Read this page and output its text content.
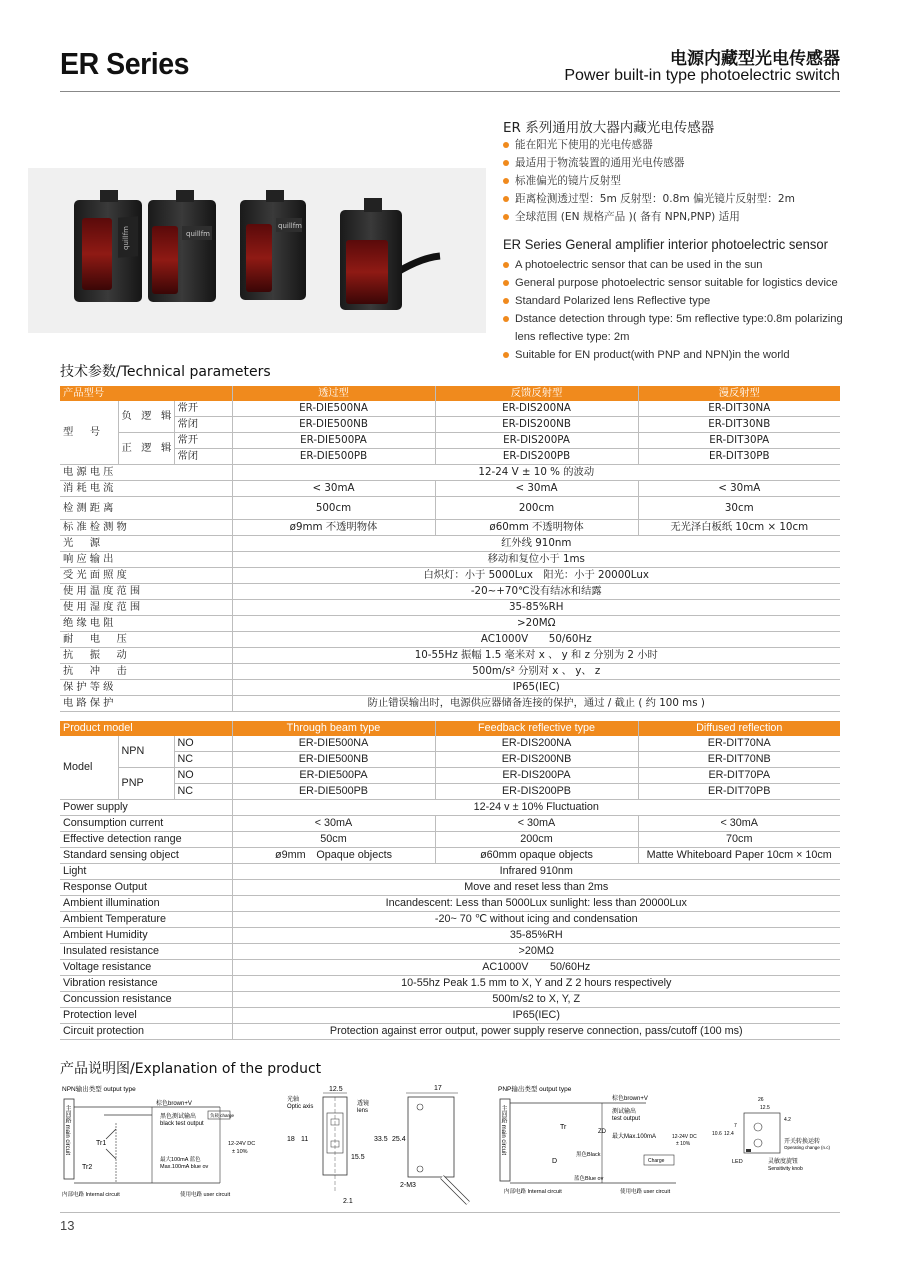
ER Series	电源内藏型光电传感器
Power built-in type photoelectric switch
quillfm	quillfm
quillfm
ER 系列通用放大器内藏光电传感器
能在阳光下使用的光电传感器
最适用于物流装置的通用光电传感器
标准偏光的镜片反射型
距离检测透过型：5m 反射型：0.8m 偏光镜片反射型：2m
全球范围 (EN 规格产品 )( 备有 NPN,PNP) 适用
ER Series General amplifier interior photoelectric sensor
A photoelectric sensor that can be used in the sun
General purpose photoelectric sensor suitable for logistics device
Standard Polarized lens Reflective type
Dstance detection through type: 5m reflective type:0.8m polarizing lens reflective type: 2m
Suitable for EN product(with PNP and NPN)in the world
技术参数/Technical parameters
产品型号			透过型	反馈反射型	漫反射型
型　号	负 逻 辑	常开	ER-DIE500NA	ER-DIS200NA	ER-DIT30NA
		常闭	ER-DIE500NB	ER-DIS200NB	ER-DIT30NB
	正 逻 辑	常开	ER-DIE500PA	ER-DIS200PA	ER-DIT30PA
		常闭	ER-DIE500PB	ER-DIS200PB	ER-DIT30PB
电源电压			12-24 V ± 10 % 的波动		
消耗电流			< 30mA	< 30mA	< 30mA
检测距离			500cm	200cm	30cm
标准检测物			ø9mm 不透明物体	ø60mm 不透明物体	无光泽白板纸 10cm × 10cm
光　源			红外线 910nm		
响应输出			移动和复位小于 1ms		
受光面照度			白炽灯：小于 5000Lux　阳光：小于 20000Lux		
使用温度范围			-20~+70℃没有结冰和结露		
使用湿度范围			35-85%RH		
绝缘电阻			>20MΩ		
耐　电　压			AC1000V　　50/60Hz		
抗　振　动			10-55Hz 振幅 1.5 毫米对 x 、 y 和 z 分别为 2 小时		
抗　冲　击			500m/s² 分别对 x 、 y、 z		
保护等级			IP65(IEC)		
电路保护			防止错误输出时，电源供应器储备连接的保护，通过 / 截止 ( 约 100 ms )		
Product model			Through beam type	Feedback reflective type	Diffused reflection
Model	NPN	NO	ER-DIE500NA	ER-DIS200NA	ER-DIT70NA
		NC	ER-DIE500NB	ER-DIS200NB	ER-DIT70NB
	PNP	NO	ER-DIE500PA	ER-DIS200PA	ER-DIT70PA
		NC	ER-DIE500PB	ER-DIS200PB	ER-DIT70PB
Power supply			12-24 v ± 10% Fluctuation		
Consumption current			< 30mA	< 30mA	< 30mA
Effective detection range			50cm	200cm	70cm
Standard sensing object			ø9mm　Opaque objects	ø60mm opaque objects	Matte Whiteboard Paper 10cm × 10cm
Light			Infrared 910nm		
Response Output			Move and reset less than 2ms		
Ambient illumination			Incandescent: Less than 5000Lux sunlight: less than 20000Lux		
Ambient Temperature			-20~ 70 ℃ without icing and condensation		
Ambient Humidity			35-85%RH		
Insulated resistance			>20MΩ		
Voltage resistance			AC1000V　　50/60Hz		
Vibration resistance			10-55hz Peak 1.5 mm to X, Y and Z 2 hours respectively		
Concussion resistance			500m/s2 to X, Y, Z		
Protection level			IP65(IEC)		
Circuit protection			Protection against error output, power supply reserve connection, pass/cutoff (100 ms)		
产品说明图/Explanation of the product
NPN输出类型 output type
主回路 main circuit
棕色brown+V
黑色测试输出
black test output
负载 charge
Tr1
Tr2
12-24V DC
± 10%
最大100mA 蓝色
Max.100mA blue ov
内部电路 Internal circuit	使用电路 user circuit
12.5
光轴
Optic axis	透镜
lens
18 11
15.5
2.1
17
33.5 25.4
2-M3
PNP输出类型 output type
主回路 main circuit
棕色brown+V
测试输出
test output
最大Max.100mA	12-24V DC
± 10%
Tr
ZD
D
黑色Black
Charge
蓝色Blue ov
内部电路 Internal circuit	使用电路 user circuit
26
12.5
4.2
10.6 12.4
7
开关转换运转
Operating change (n.c)
LED	灵敏度旋钮
Sensitivity knob
13
